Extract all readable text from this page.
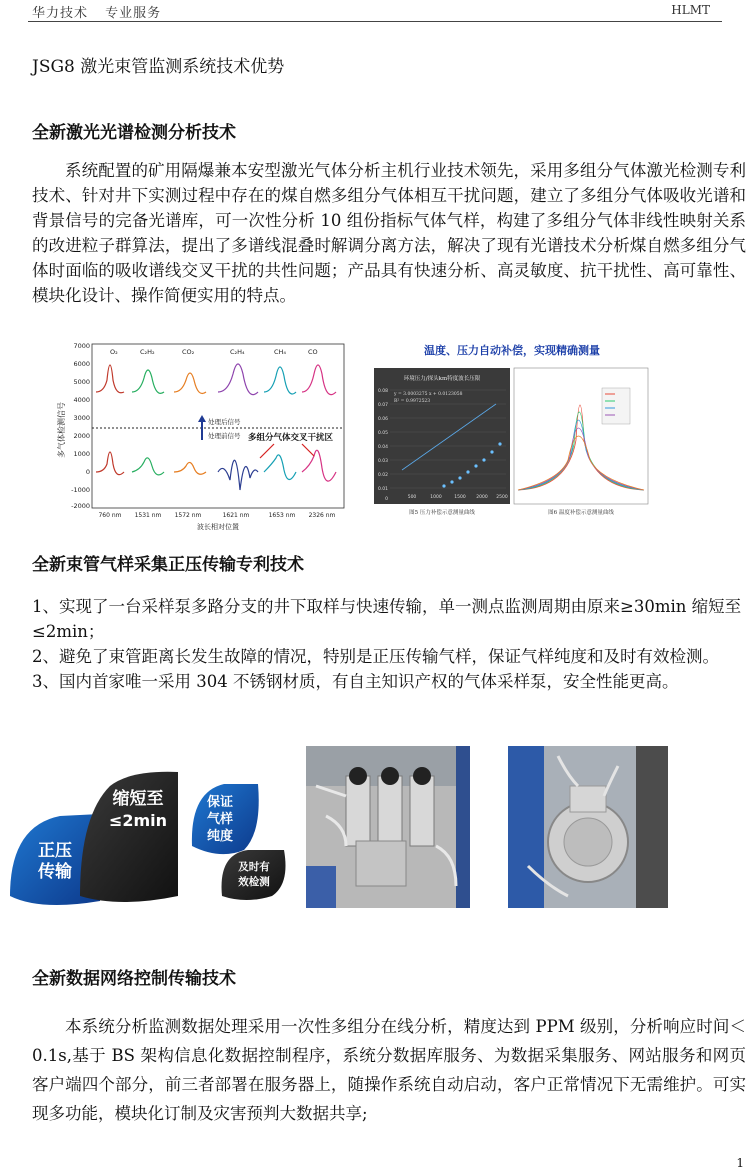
华力技术 专业服务	HLMT
JSG8 激光束管监测系统技术优势
全新激光光谱检测分析技术
系统配置的矿用隔爆兼本安型激光气体分析主机行业技术领先，采用多组分气体激光检测专利技术、针对井下实测过程中存在的煤自燃多组分气体相互干扰问题，建立了多组分气体吸收光谱和背景信号的完备光谱库，可一次性分析 10 组份指标气体气样，构建了多组分气体非线性映射关系的改进粒子群算法，提出了多谱线混叠时解调分离方法，解决了现有光谱技术分析煤自燃多组分气体时面临的吸收谱线交叉干扰的共性问题；产品具有快速分析、高灵敏度、抗干扰性、高可靠性、 模块化设计、操作简便实用的特点。
多气体检测信号
7000
6000
5000
4000
3000
2000
1000
0
-1000
-2000
O₂	C₂H₂	CO₂	C₂H₄	CH₄	CO
处理后信号
处理前信号 多组分气体交叉干扰区
760 nm 1531 nm 1572 nm	1621 nm	1653 nm 2326 nm
波长相对位置
温度、压力自动补偿，实现精确测量
环境压力/探头km特度波长压限
0.08
0.07
0.06
0.05
0.04
0.03
0.02
0.01
0
y = 3.0003275 x + 0.0123058
R² = 0.9972523
500	1000	1500 2000 2500
图5 压力补偿示意测量曲线	图6 温度补偿示意测量曲线
全新束管气样采集正压传输专利技术
1、实现了一台采样泵多路分支的井下取样与快速传输，单一测点监测周期由原来≥30min 缩短至≤2min；
2、避免了束管距离长发生故障的情况，特别是正压传输气样，保证气样纯度和及时有效检测。
3、国内首家唯一采用 304 不锈钢材质，有自主知识产权的气体采样泵，安全性能更高。
正压
传输
缩短至
≤2min
保证
气样
纯度
及时有
效检测
全新数据网络控制传输技术
本系统分析监测数据处理采用一次性多组分在线分析，精度达到 PPM 级别，分析响应时间＜0.1s,基于 BS 架构信息化数据控制程序，系统分数据库服务、为数据采集服务、网站服务和网页客户端四个部分，前三者部署在服务器上，随操作系统自动启动，客户正常情况下无需维护。可实现多功能，模块化订制及灾害预判大数据共享;
1
